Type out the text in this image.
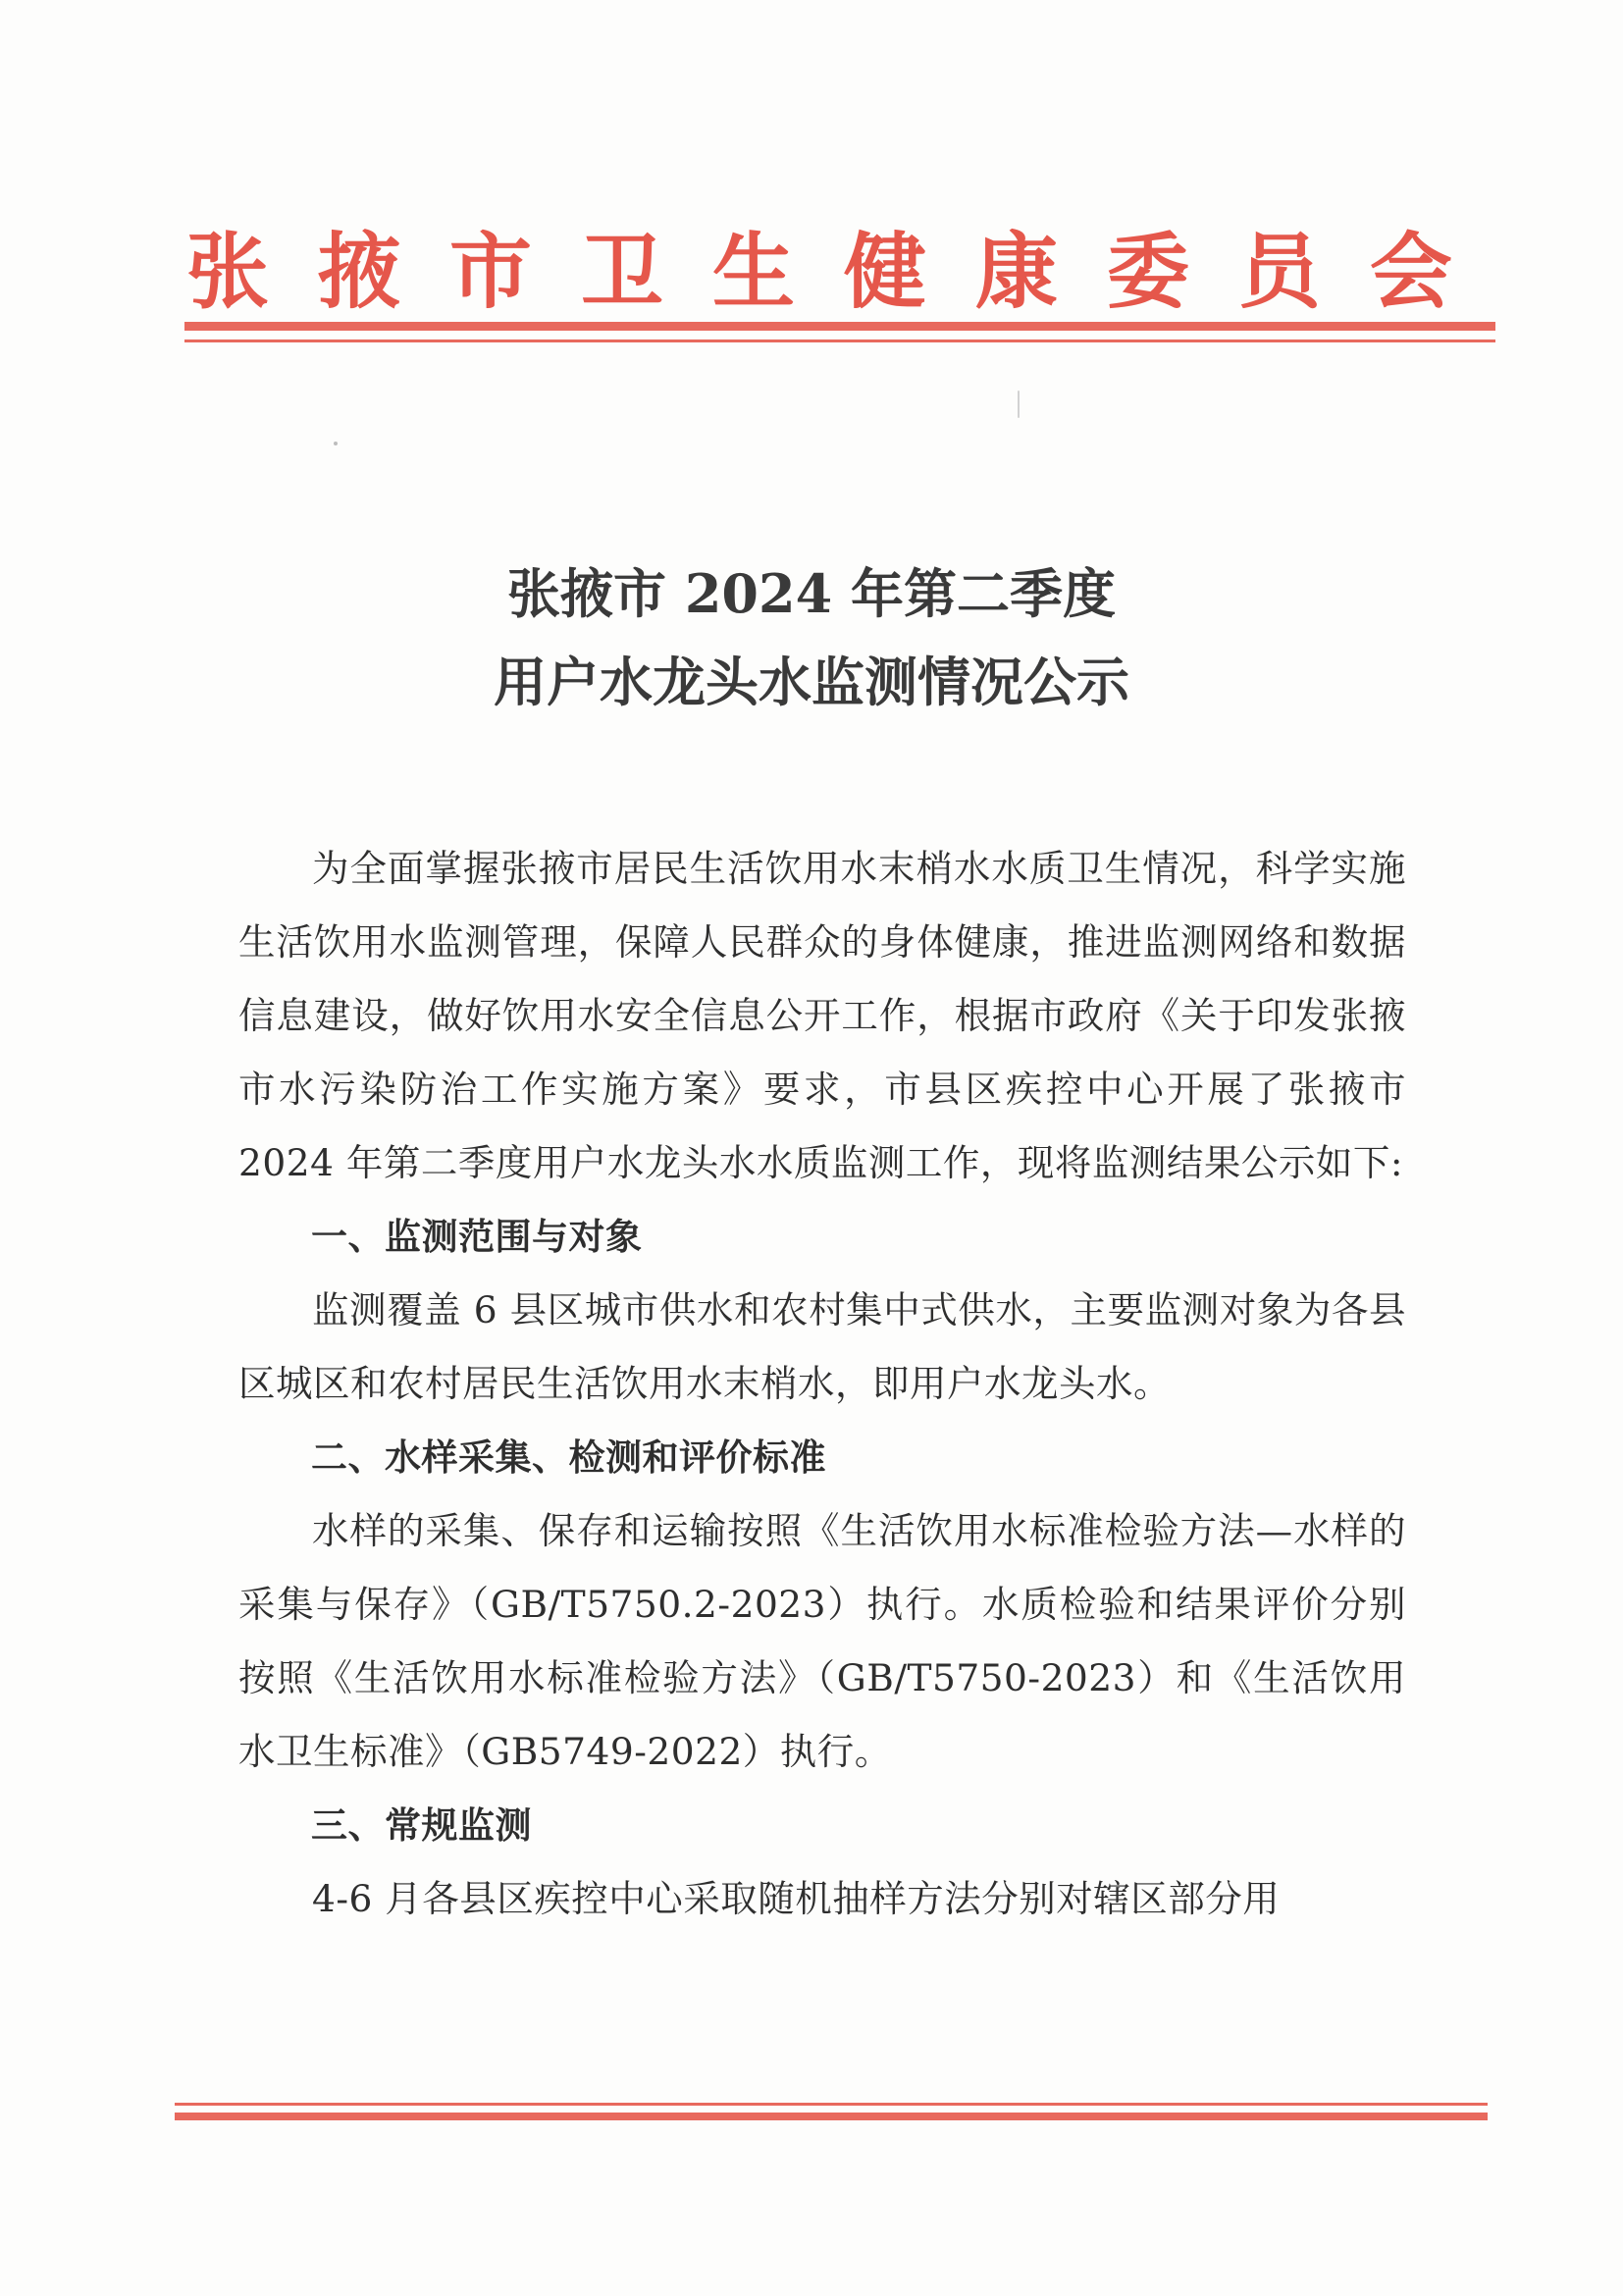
张 掖 市 卫 生 健 康 委 员 会
张掖市 2024 年第二季度
用户水龙头水监测情况公示

为全面掌握张掖市居民生活饮用水末梢水水质卫生情况，科学实施生活饮用水监测管理，保障人民群众的身体健康，推进监测网络和数据信息建设，做好饮用水安全信息公开工作，根据市政府《关于印发张掖市水污染防治工作实施方案》要求，市县区疾控中心开展了张掖市 2024 年第二季度用户水龙头水水质监测工作，现将监测结果公示如下:

一、监测范围与对象

监测覆盖 6 县区城市供水和农村集中式供水，主要监测对象为各县区城区和农村居民生活饮用水末梢水，即用户水龙头水。

二、水样采集、检测和评价标准

水样的采集、保存和运输按照《生活饮用水标准检验方法—水样的采集与保存》（GB/T5750.2-2023）执行。水质检验和结果评价分别按照《生活饮用水标准检验方法》（GB/T5750-2023）和《生活饮用水卫生标准》（GB5749-2022）执行。

三、常规监测

4-6 月各县区疾控中心采取随机抽样方法分别对辖区部分用
